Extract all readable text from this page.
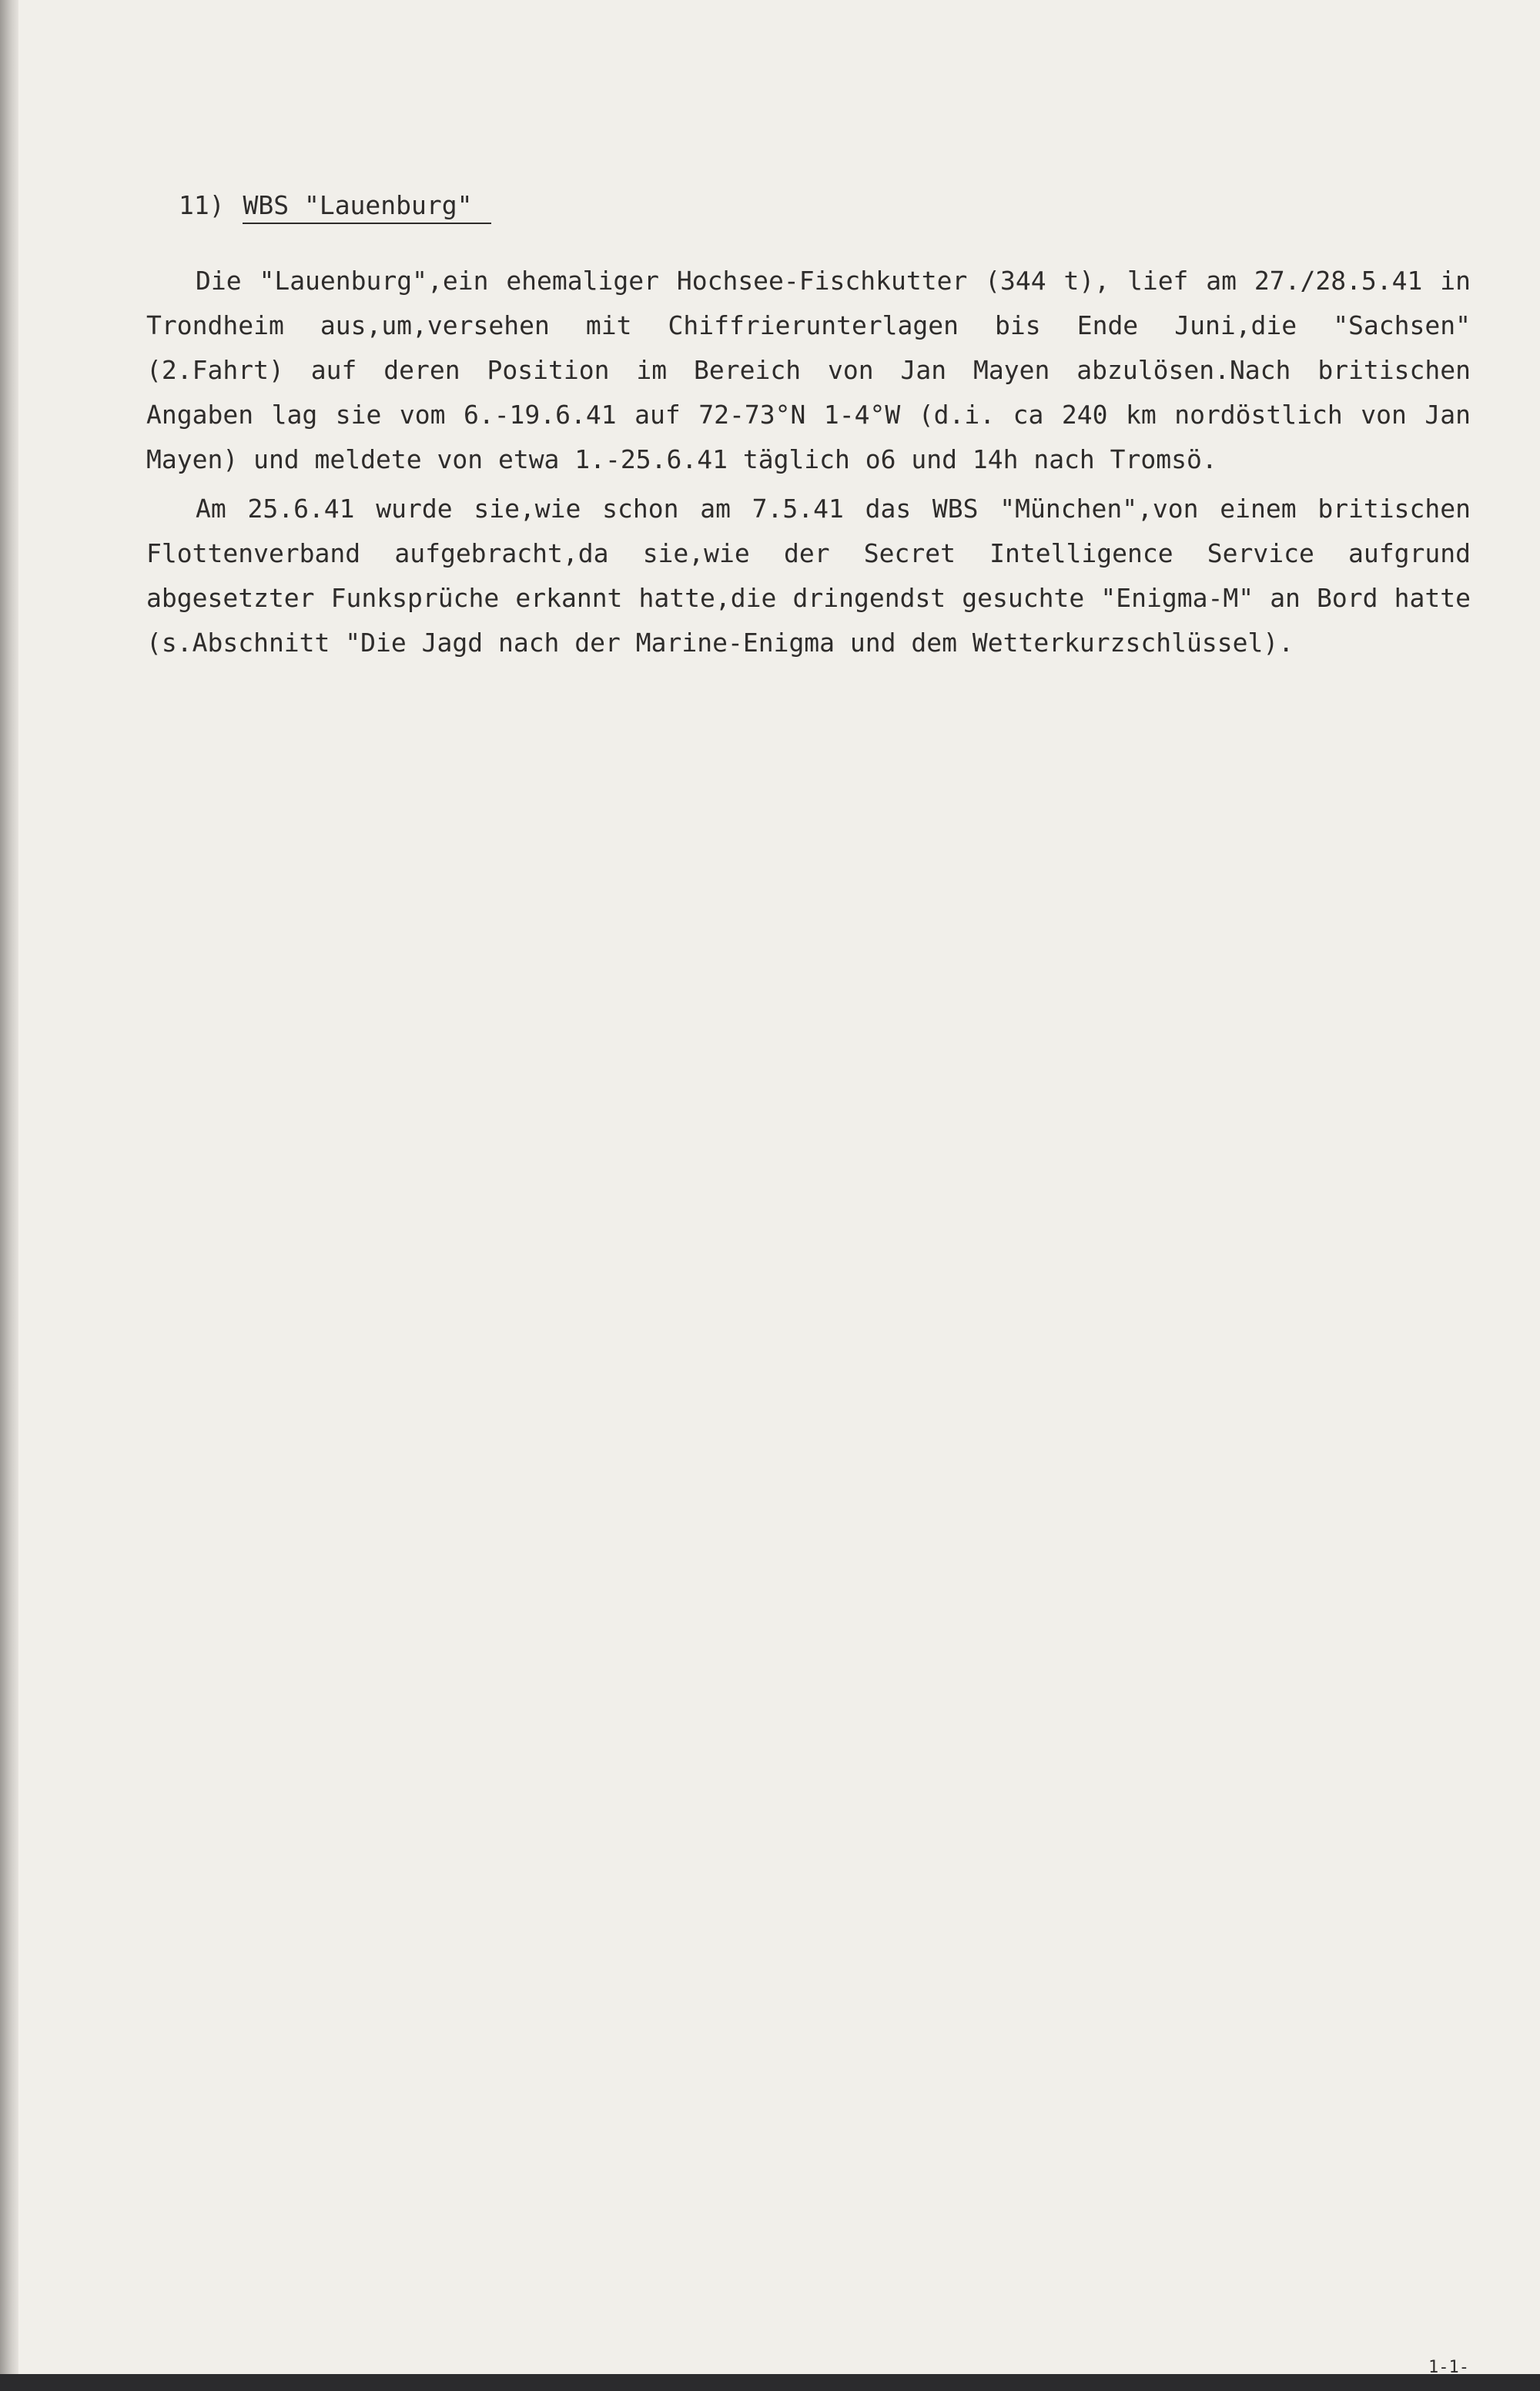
11) WBS "Lauenburg"

Die "Lauenburg",ein ehemaliger Hochsee-Fischkutter (344 t), lief am 27./28.5.41 in Trondheim aus,um,versehen mit Chiffrierunterlagen bis Ende Juni,die "Sachsen" (2.Fahrt) auf deren Position im Bereich von Jan Mayen abzulösen.Nach britischen Angaben lag sie vom 6.-19.6.41 auf 72-73°N 1-4°W (d.i. ca 240 km nordöstlich von Jan Mayen) und meldete von etwa 1.-25.6.41 täglich o6 und 14h nach Tromsö.

Am 25.6.41 wurde sie,wie schon am 7.5.41 das WBS "München",von einem britischen Flottenverband aufgebracht,da sie,wie der Secret Intelligence Service aufgrund abgesetzter Funksprüche erkannt hatte,die dringendst gesuchte "Enigma-M" an Bord hatte (s.Abschnitt "Die Jagd nach der Marine-Enigma und dem Wetterkurzschlüssel).

1-1-
